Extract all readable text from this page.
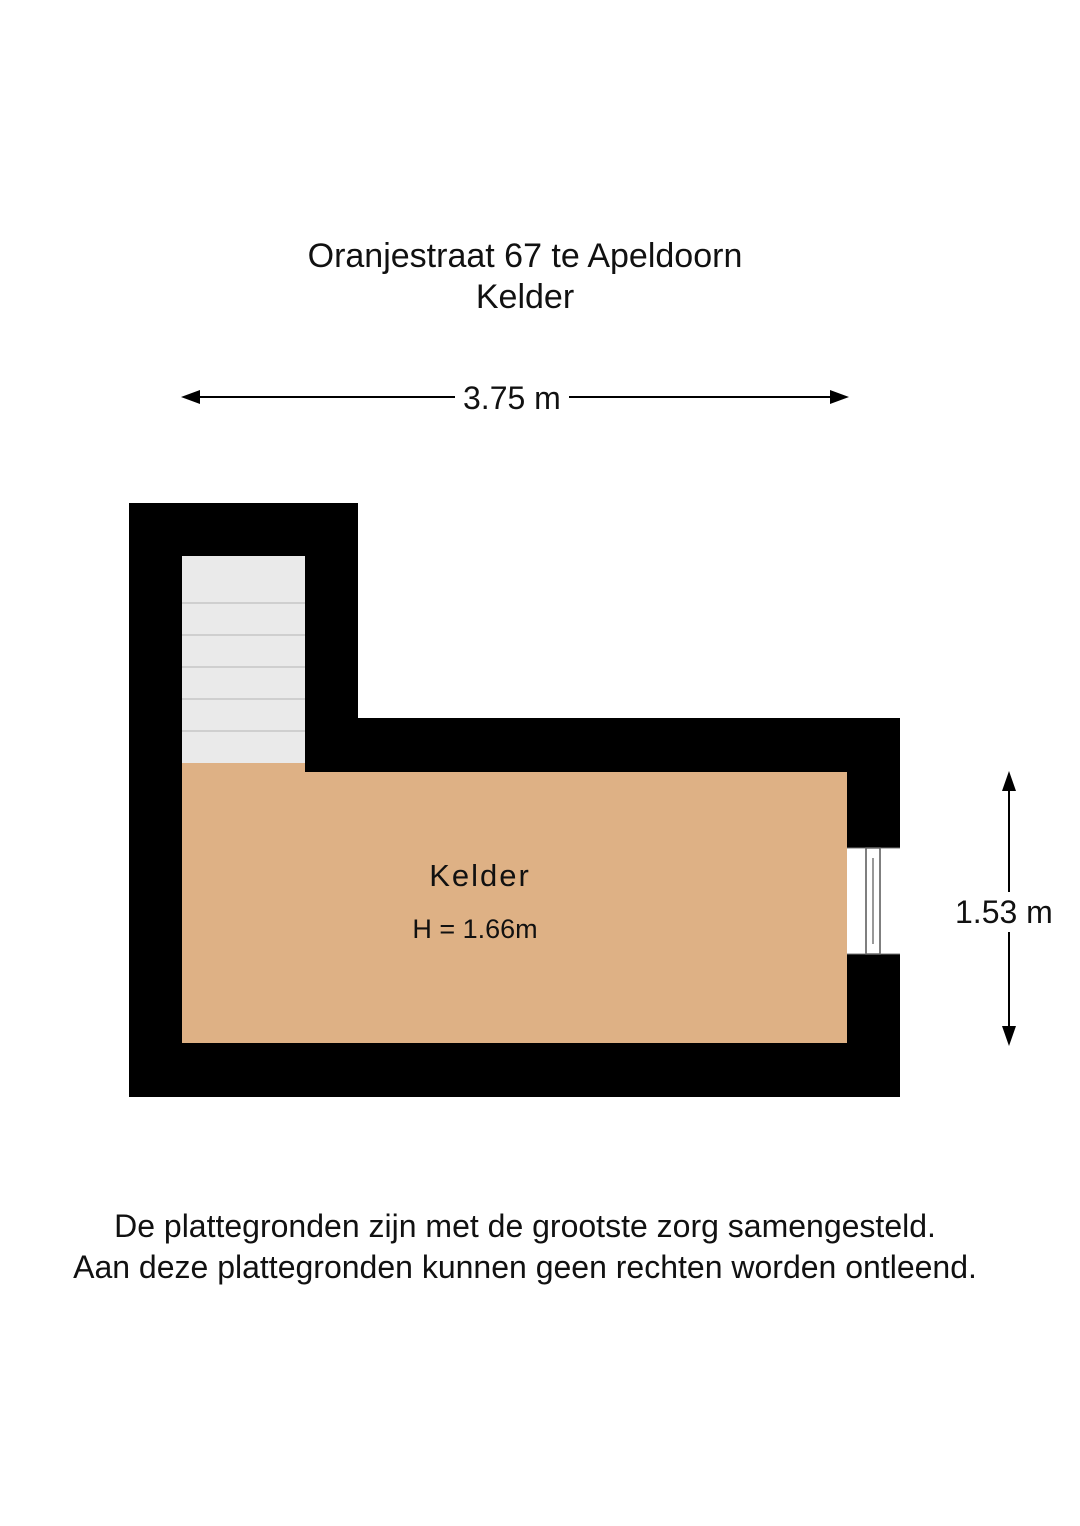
Oranjestraat 67 te Apeldoorn
Kelder
3.75 m
1.53 m
Kelder
H = 1.66m
De plattegronden zijn met de grootste zorg samengesteld.
Aan deze plattegronden kunnen geen rechten worden ontleend.
